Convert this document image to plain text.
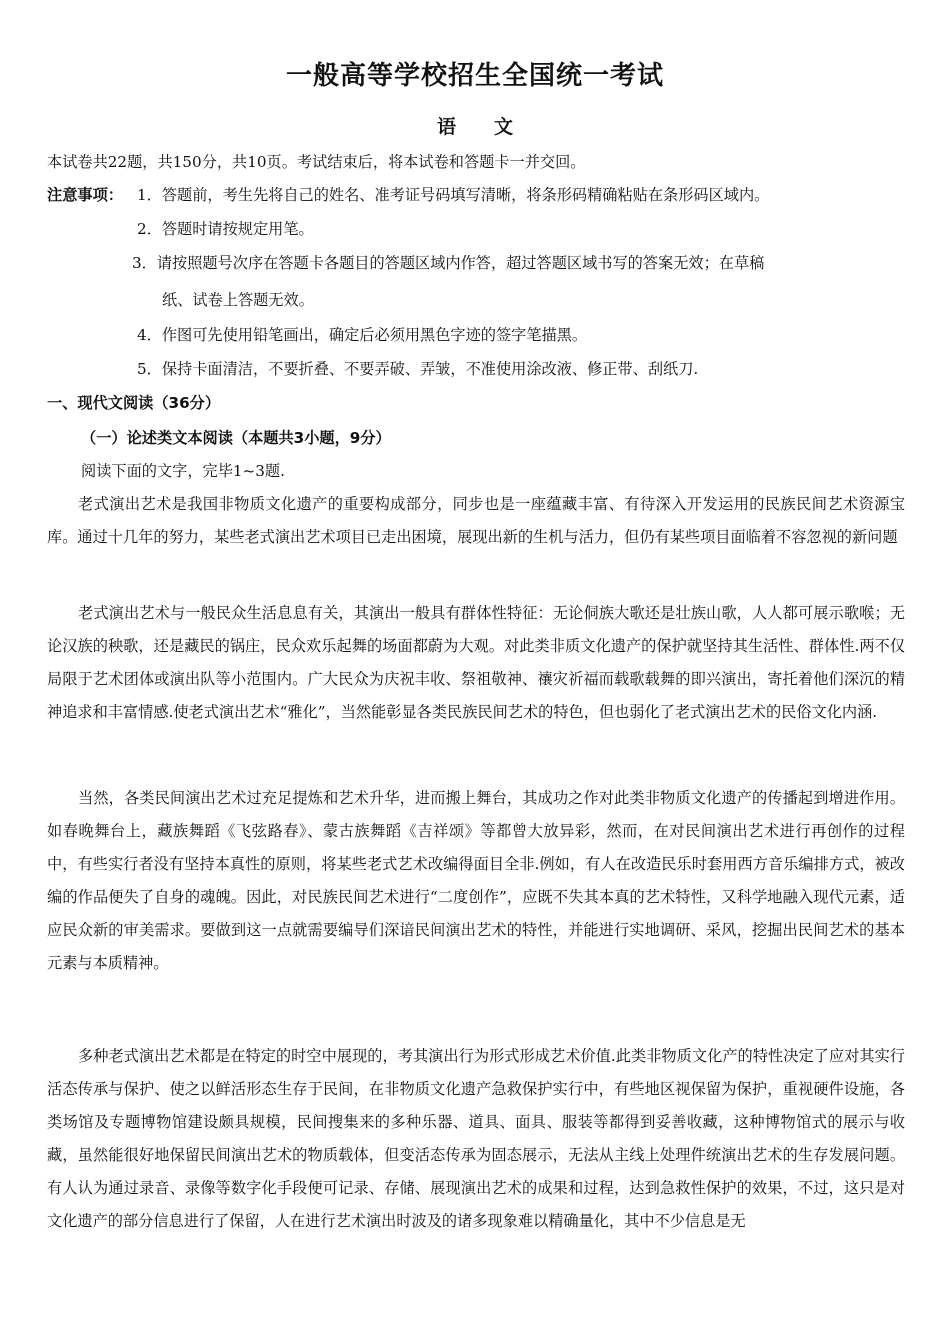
一般高等学校招生全国统一考试
语　　文
本试卷共22题，共150分，共10页。考试结束后，将本试卷和答题卡一并交回。
注意事项： 1．答题前，考生先将自己的姓名、准考证号码填写清晰，将条形码精确粘贴在条形码区域内。
2．答题时请按规定用笔。
3．请按照题号次序在答题卡各题目的答题区域内作答，超过答题区域书写的答案无效；在草稿
纸、试卷上答题无效。
4．作图可先使用铅笔画出，确定后必须用黑色字迹的签字笔描黑。
5．保持卡面清洁，不要折叠、不要弄破、弄皱，不准使用涂改液、修正带、刮纸刀.
一、现代文阅读（36分）
（一）论述类文本阅读（本题共3小题，9分）
阅读下面的文字，完毕1~3题.
老式演出艺术是我国非物质文化遗产的重要构成部分，同步也是一座蕴藏丰富、有待深入开发运用的民族民间艺术资源宝库。通过十几年的努力，某些老式演出艺术项目已走出困境，展现出新的生机与活力，但仍有某些项目面临着不容忽视的新问题
老式演出艺术与一般民众生活息息有关，其演出一般具有群体性特征：无论侗族大歌还是壮族山歌，人人都可展示歌喉；无论汉族的秧歌，还是藏民的锅庄，民众欢乐起舞的场面都蔚为大观。对此类非质文化遗产的保护就坚持其生活性、群体性.两不仅局限于艺术团体或演出队等小范围内。广大民众为庆祝丰收、祭祖敬神、禳灾祈福而载歌载舞的即兴演出，寄托着他们深沉的精神追求和丰富情感.使老式演出艺术“雅化”，当然能彰显各类民族民间艺术的特色，但也弱化了老式演出艺术的民俗文化内涵.
当然，各类民间演出艺术过充足提炼和艺术升华，进而搬上舞台，其成功之作对此类非物质文化遗产的传播起到增进作用。如春晚舞台上，藏族舞蹈《飞弦路春》、蒙古族舞蹈《吉祥颂》等都曾大放异彩，然而，在对民间演出艺术进行再创作的过程中，有些实行者没有坚持本真性的原则，将某些老式艺术改编得面目全非.例如，有人在改造民乐时套用西方音乐编排方式，被改编的作品便失了自身的魂魄。因此，对民族民间艺术进行“二度创作”，应既不失其本真的艺术特性，又科学地融入现代元素，适应民众新的审美需求。要做到这一点就需要编导们深谙民间演出艺术的特性，并能进行实地调研、采风，挖掘出民间艺术的基本元素与本质精神。
多种老式演出艺术都是在特定的时空中展现的，考其演出行为形式形成艺术价值.此类非物质文化产的特性决定了应对其实行活态传承与保护、使之以鲜活形态生存于民间，在非物质文化遗产急救保护实行中，有些地区视保留为保护，重视硬件设施，各类场馆及专题博物馆建设颇具规模，民间搜集来的多种乐器、道具、面具、服装等都得到妥善收藏，这种博物馆式的展示与收藏，虽然能很好地保留民间演出艺术的物质载体，但变活态传承为固态展示，无法从主线上处理件统演出艺术的生存发展问题。有人认为通过录音、录像等数字化手段便可记录、存储、展现演出艺术的成果和过程，达到急救性保护的效果，不过，这只是对文化遗产的部分信息进行了保留，人在进行艺术演出时波及的诸多现象难以精确量化，其中不少信息是无
